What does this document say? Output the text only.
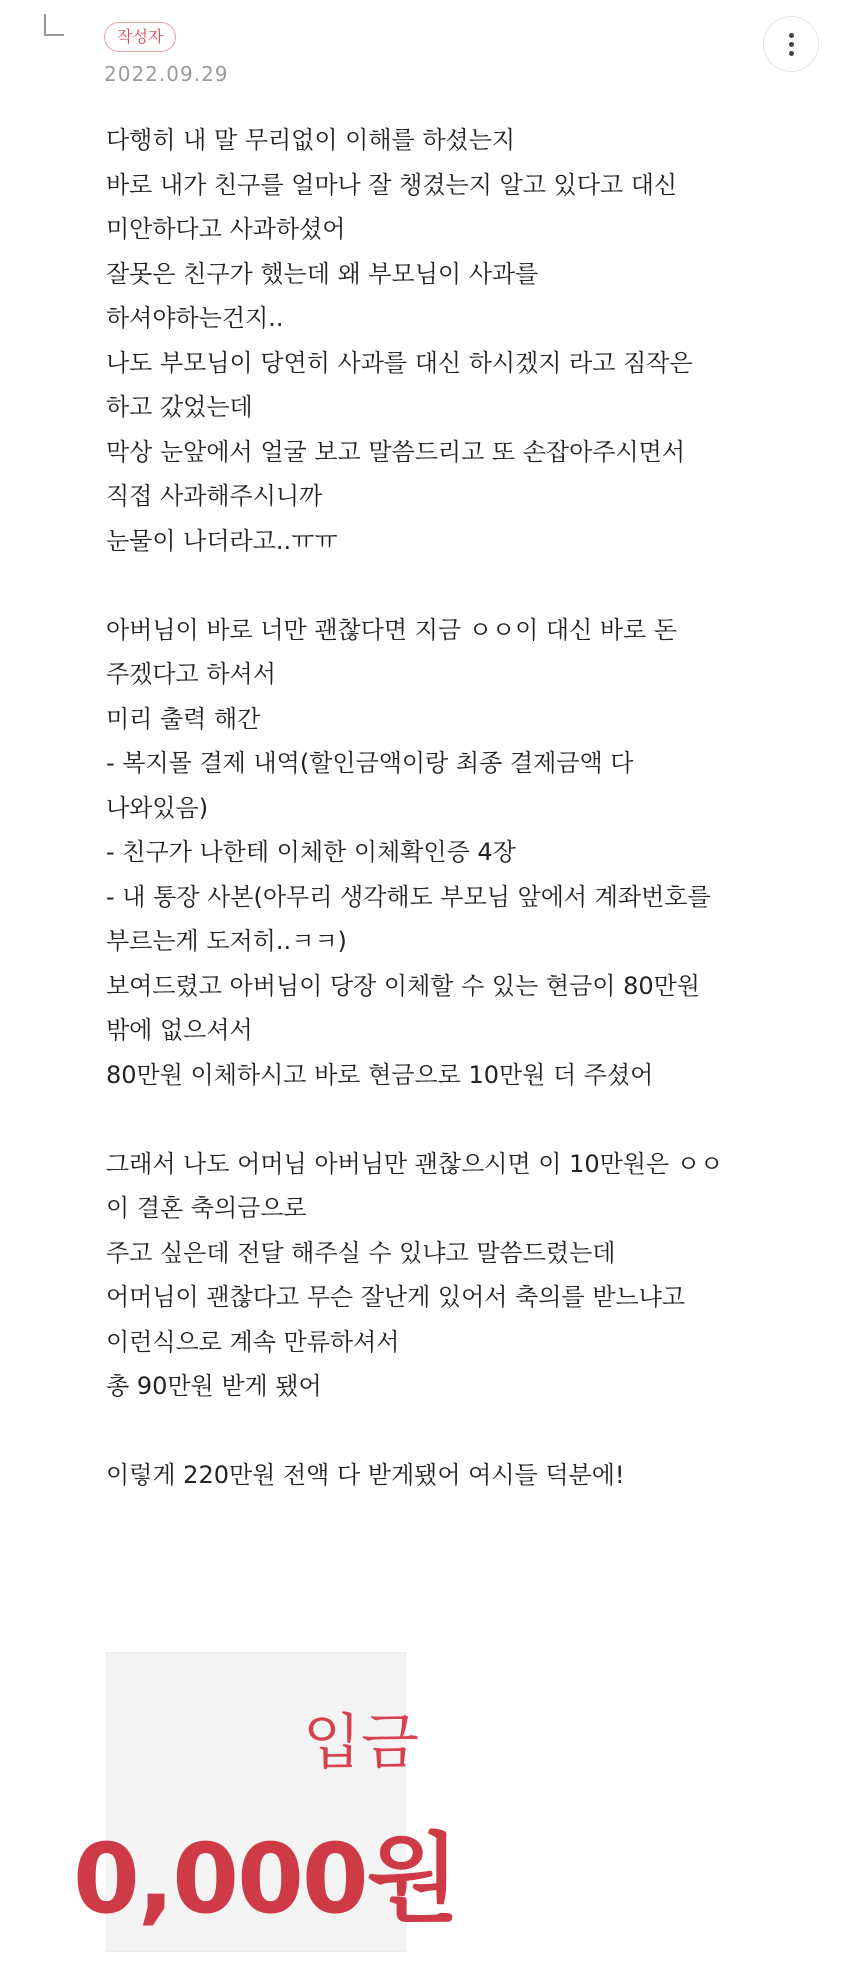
작성자
2022.09.29
다행히 내 말 무리없이 이해를 하셨는지
바로 내가 친구를 얼마나 잘 챙겼는지 알고 있다고 대신
미안하다고 사과하셨어
잘못은 친구가 했는데 왜 부모님이 사과를
하셔야하는건지..
나도 부모님이 당연히 사과를 대신 하시겠지 라고 짐작은
하고 갔었는데
막상 눈앞에서 얼굴 보고 말씀드리고 또 손잡아주시면서
직접 사과해주시니까
눈물이 나더라고..ㅠㅠ
아버님이 바로 너만 괜찮다면 지금 ㅇㅇ이 대신 바로 돈
주겠다고 하셔서
미리 출력 해간
- 복지몰 결제 내역(할인금액이랑 최종 결제금액 다
나와있음)
- 친구가 나한테 이체한 이체확인증 4장
- 내 통장 사본(아무리 생각해도 부모님 앞에서 계좌번호를
부르는게 도저히..ㅋㅋ)
보여드렸고 아버님이 당장 이체할 수 있는 현금이 80만원
밖에 없으셔서
80만원 이체하시고 바로 현금으로 10만원 더 주셨어
그래서 나도 어머님 아버님만 괜찮으시면 이 10만원은 ㅇㅇ
이 결혼 축의금으로
주고 싶은데 전달 해주실 수 있냐고 말씀드렸는데
어머님이 괜찮다고 무슨 잘난게 있어서 축의를 받느냐고
이런식으로 계속 만류하셔서
총 90만원 받게 됐어
이렇게 220만원 전액 다 받게됐어 여시들 덕분에!
입금
0,000원
